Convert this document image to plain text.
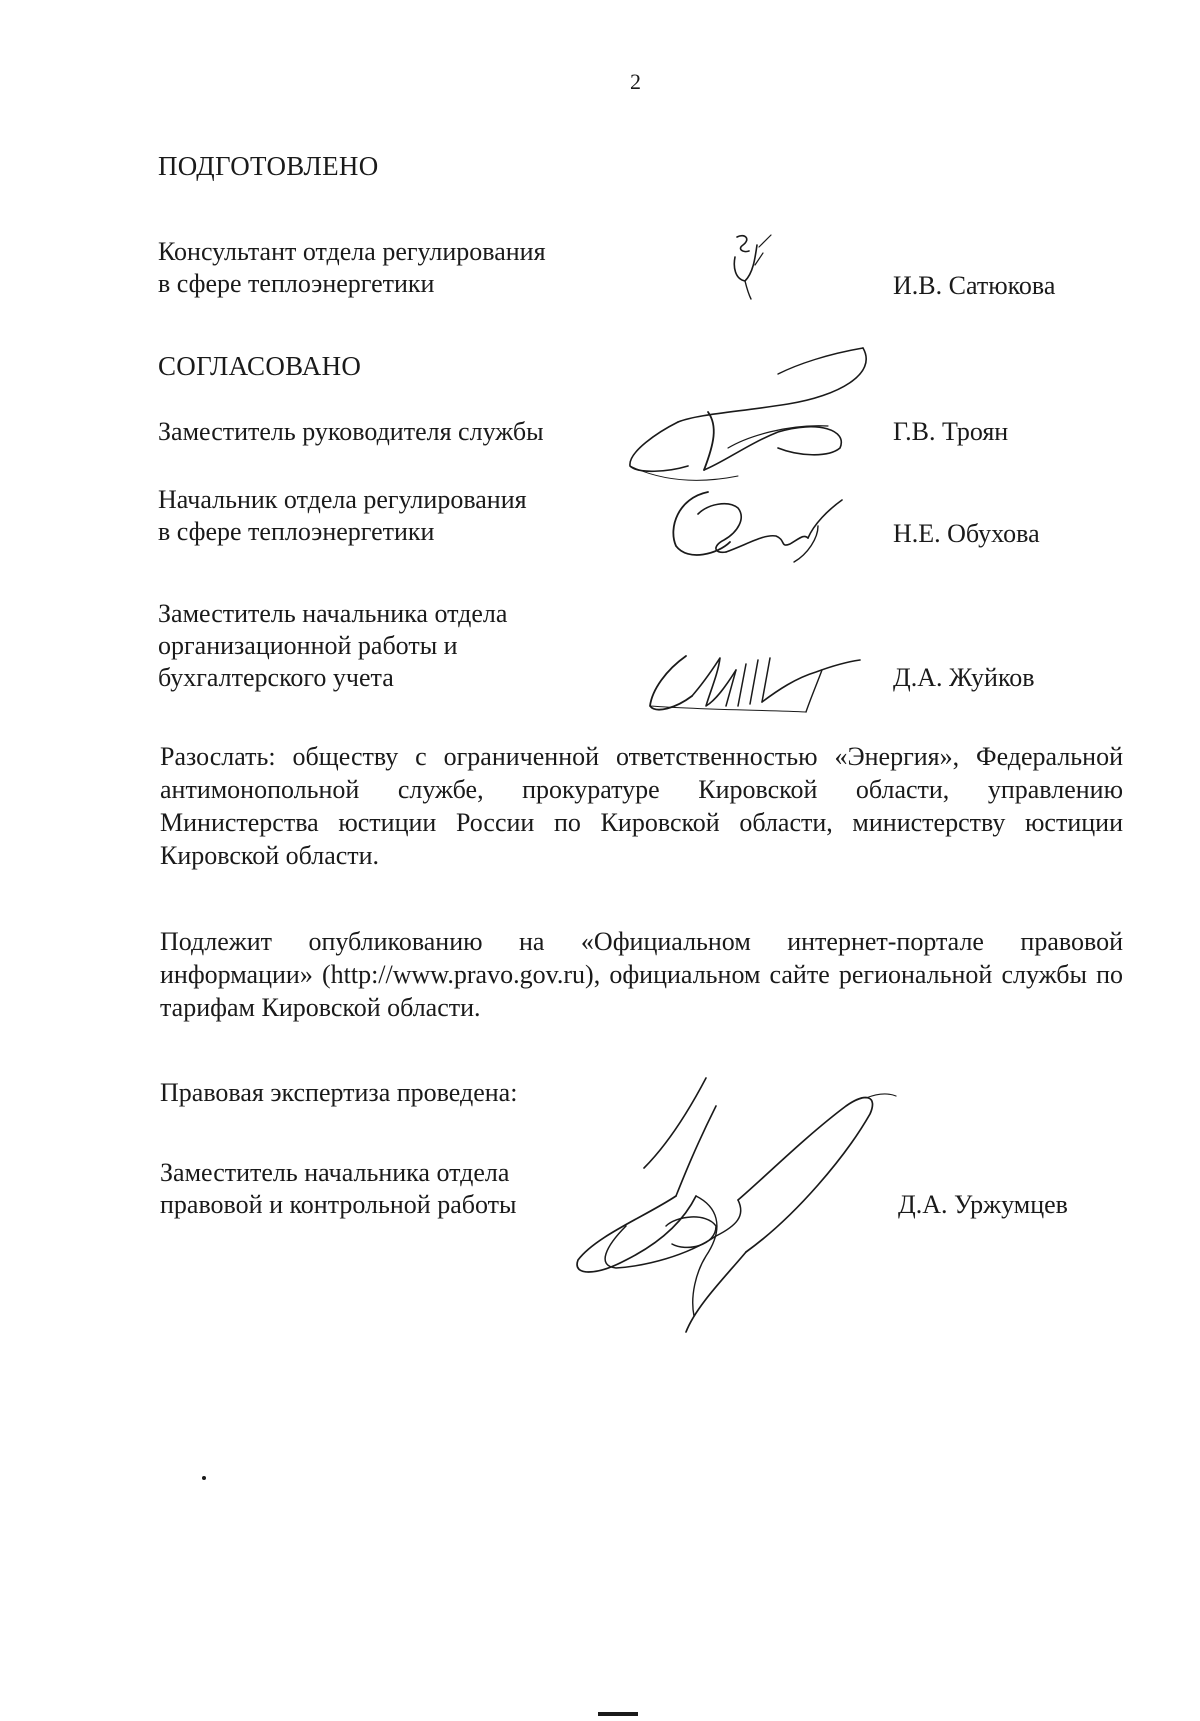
2
ПОДГОТОВЛЕНО
Консультант отдела регулирования
в сфере теплоэнергетики	И.В. Сатюкова
СОГЛАСОВАНО
Заместитель руководителя службы	Г.В. Троян
Начальник отдела регулирования
в сфере теплоэнергетики	Н.Е. Обухова
Заместитель начальника отдела
организационной работы и
бухгалтерского учета	Д.А. Жуйков
Разослать: обществу с ограниченной ответственностью «Энергия», Федеральной антимонопольной службе, прокуратуре Кировской области, управлению Министерства юстиции России по Кировской области, министерству юстиции Кировской области.
Подлежит опубликованию на «Официальном интернет-портале правовой информации» (http://www.pravo.gov.ru), официальном сайте региональной службы по тарифам Кировской области.
Правовая экспертиза проведена:
Заместитель начальника отдела
правовой и контрольной работы	Д.А. Уржумцев
